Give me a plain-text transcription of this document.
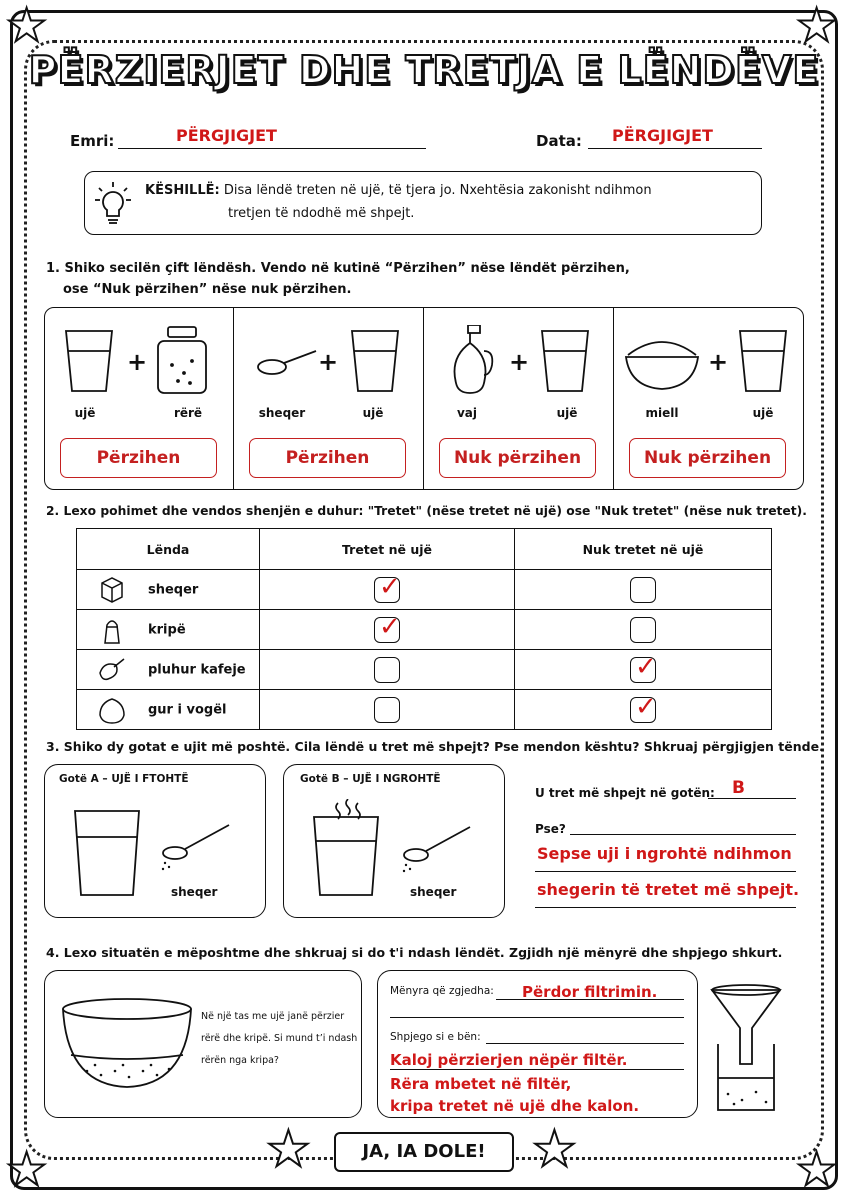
★	★
★	★
PËRZIERJET DHE TRETJA E LËNDËVE
Emri:	PËRGJIGJET	Data: PËRGJIGJET
KËSHILLË: Disa lëndë treten në ujë, të tjera jo. Nxehtësia zakonisht ndihmon
tretjen të ndodhë më shpejt.
1. Shiko secilën çift lëndësh. Vendo në kutinë “Përzihen” nëse lëndët përzihen,
ose “Nuk përzihen” nëse nuk përzihen.
+	+	+	+
ujë	rërë	sheqer	ujë	vaj	ujë	miell	ujë
Përzihen	Përzihen	Nuk përzihen	Nuk përzihen
2. Lexo pohimet dhe vendos shenjën e duhur: "Tretet" (nëse tretet në ujë) ose "Nuk tretet" (nëse nuk tretet).
Lënda	Tretet në ujë	Nuk tretet në ujë
sheqer	✓	

kripë	✓	

pluhur kafeje		✓

gur i vogël		✓
3. Shiko dy gotat e ujit më poshtë. Cila lëndë u tret më shpejt? Pse mendon kështu? Shkruaj përgjigjen tënde.
Gotë A – UJË I FTOHTË
sheqer
Gotë B – UJË I NGROHTË
sheqer
U tret më shpejt në gotën: B
Pse?
Sepse uji i ngrohtë ndihmon
shegerin të tretet më shpejt.
4. Lexo situatën e mëposhtme dhe shkruaj si do t'i ndash lëndët. Zgjidh një mënyrë dhe shpjego shkurt.
Në një tas me ujë janë përzier
rërë dhe kripë. Si mund t’i ndash
rërën nga kripa?
Mënyra që zgjedha: Përdor filtrimin.
Shpjego si e bën:
Kaloj përzierjen nëpër filtër.
Rëra mbetet në filtër,
kripa tretet në ujë dhe kalon.
★	★
JA, IA DOLE!
